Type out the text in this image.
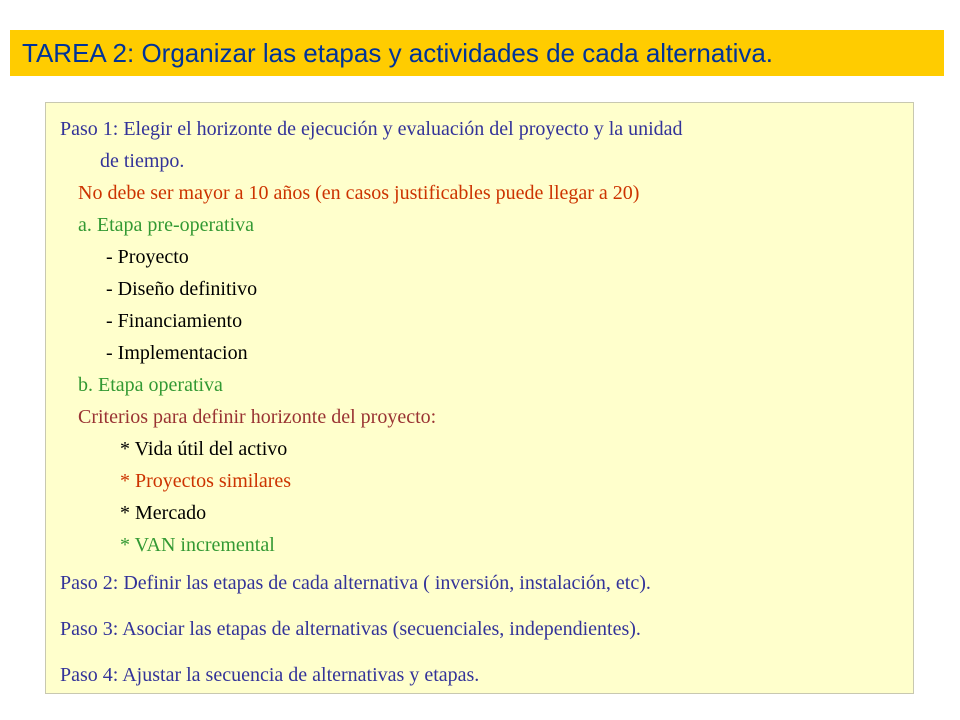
TAREA 2: Organizar las etapas y actividades de cada alternativa.
Paso 1: Elegir el horizonte de ejecución y evaluación del proyecto y la unidad
de tiempo.
No debe ser mayor a 10 años (en casos justificables puede llegar a 20)
a. Etapa pre-operativa
- Proyecto
- Diseño definitivo
- Financiamiento
- Implementacion
b. Etapa operativa
Criterios para definir horizonte del proyecto:
* Vida útil del activo
* Proyectos similares
* Mercado
* VAN incremental
Paso 2: Definir las etapas de cada alternativa ( inversión, instalación, etc).
Paso 3: Asociar las etapas de alternativas (secuenciales, independientes).
Paso 4: Ajustar la secuencia de alternativas y etapas.
